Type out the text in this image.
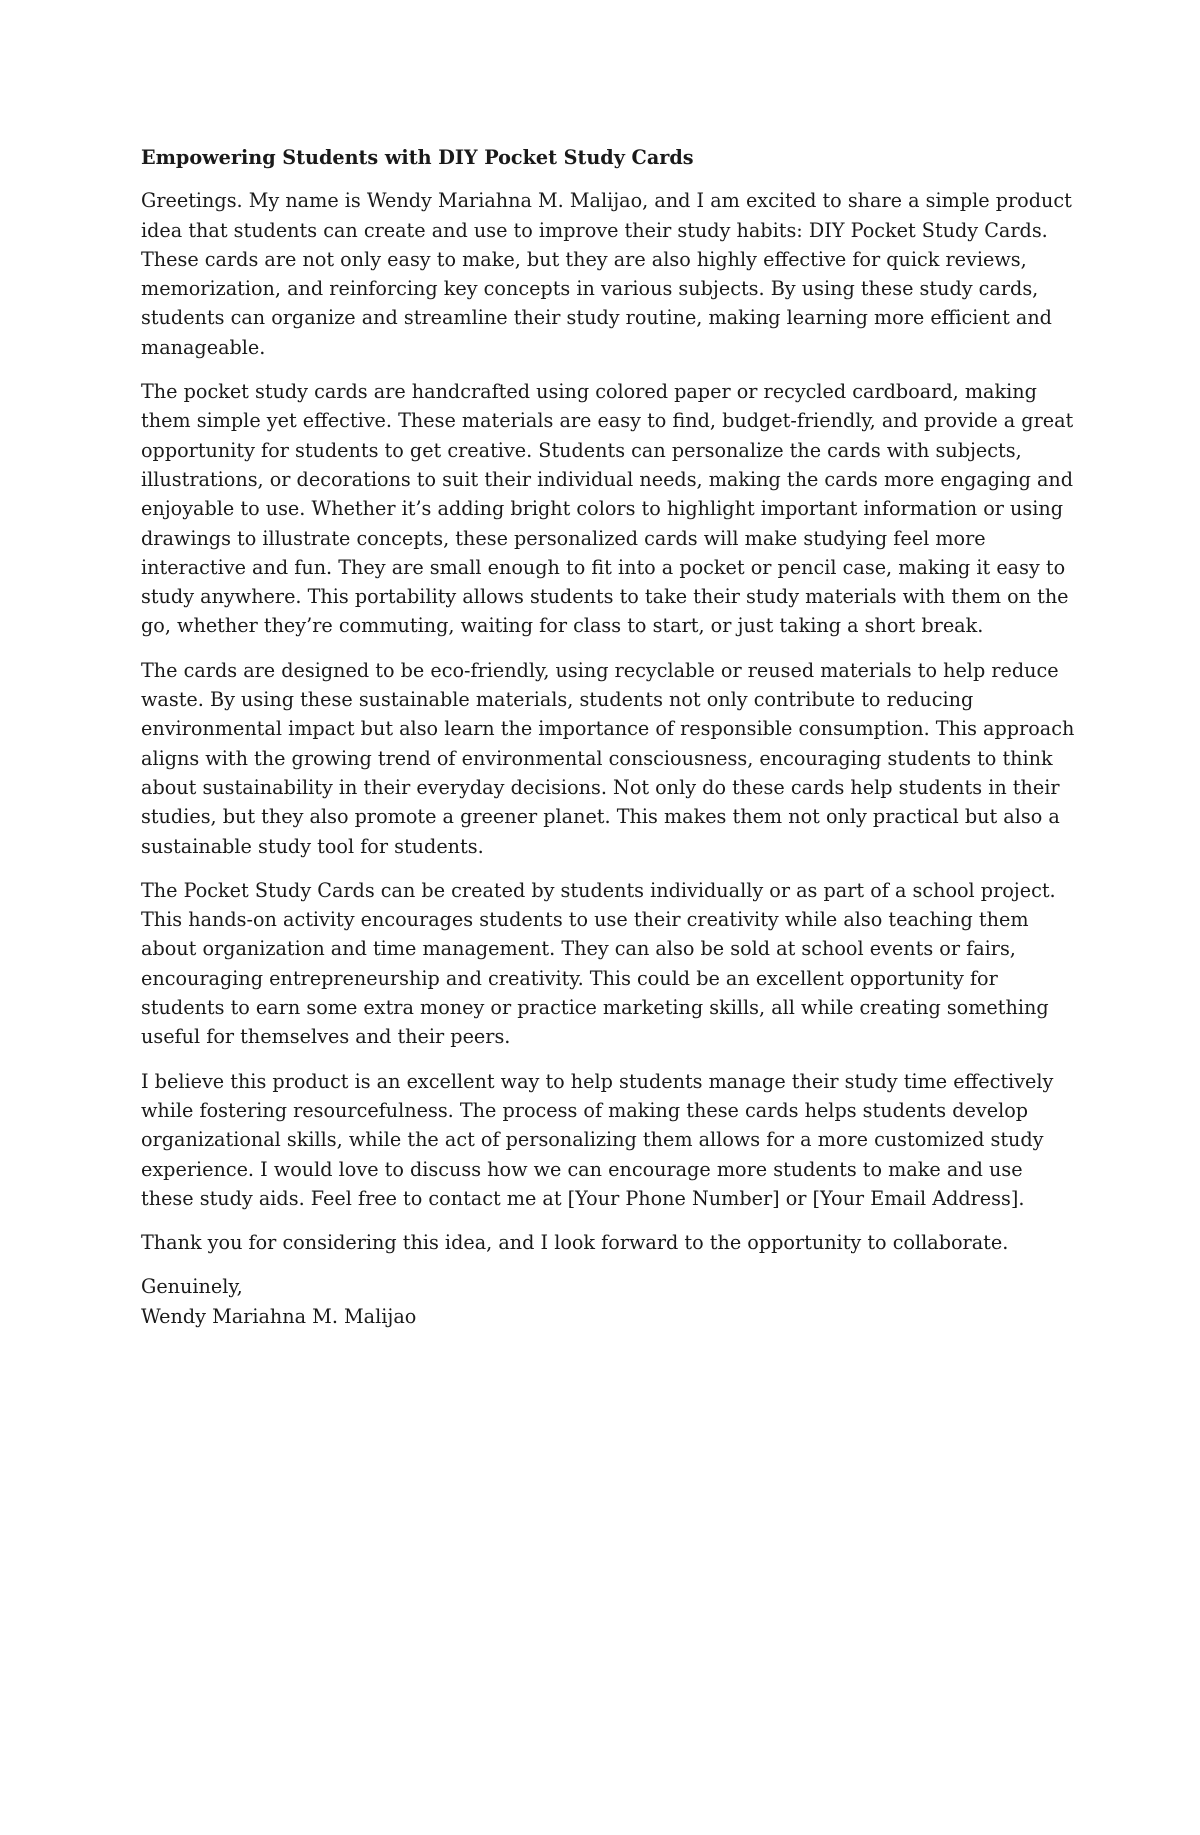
Empowering Students with DIY Pocket Study Cards

Greetings. My name is Wendy Mariahna M. Malijao, and I am excited to share a simple product idea that students can create and use to improve their study habits: DIY Pocket Study Cards. These cards are not only easy to make, but they are also highly effective for quick reviews, memorization, and reinforcing key concepts in various subjects. By using these study cards, students can organize and streamline their study routine, making learning more efficient and manageable.

The pocket study cards are handcrafted using colored paper or recycled cardboard, making them simple yet effective. These materials are easy to find, budget-friendly, and provide a great opportunity for students to get creative. Students can personalize the cards with subjects, illustrations, or decorations to suit their individual needs, making the cards more engaging and enjoyable to use. Whether it’s adding bright colors to highlight important information or using drawings to illustrate concepts, these personalized cards will make studying feel more interactive and fun. They are small enough to fit into a pocket or pencil case, making it easy to study anywhere. This portability allows students to take their study materials with them on the go, whether they’re commuting, waiting for class to start, or just taking a short break.

The cards are designed to be eco-friendly, using recyclable or reused materials to help reduce waste. By using these sustainable materials, students not only contribute to reducing environmental impact but also learn the importance of responsible consumption. This approach aligns with the growing trend of environmental consciousness, encouraging students to think about sustainability in their everyday decisions. Not only do these cards help students in their studies, but they also promote a greener planet. This makes them not only practical but also a sustainable study tool for students.

The Pocket Study Cards can be created by students individually or as part of a school project. This hands-on activity encourages students to use their creativity while also teaching them about organization and time management. They can also be sold at school events or fairs, encouraging entrepreneurship and creativity. This could be an excellent opportunity for students to earn some extra money or practice marketing skills, all while creating something useful for themselves and their peers.

I believe this product is an excellent way to help students manage their study time effectively while fostering resourcefulness. The process of making these cards helps students develop organizational skills, while the act of personalizing them allows for a more customized study experience. I would love to discuss how we can encourage more students to make and use these study aids. Feel free to contact me at [Your Phone Number] or [Your Email Address].

Thank you for considering this idea, and I look forward to the opportunity to collaborate.

Genuinely,
Wendy Mariahna M. Malijao
